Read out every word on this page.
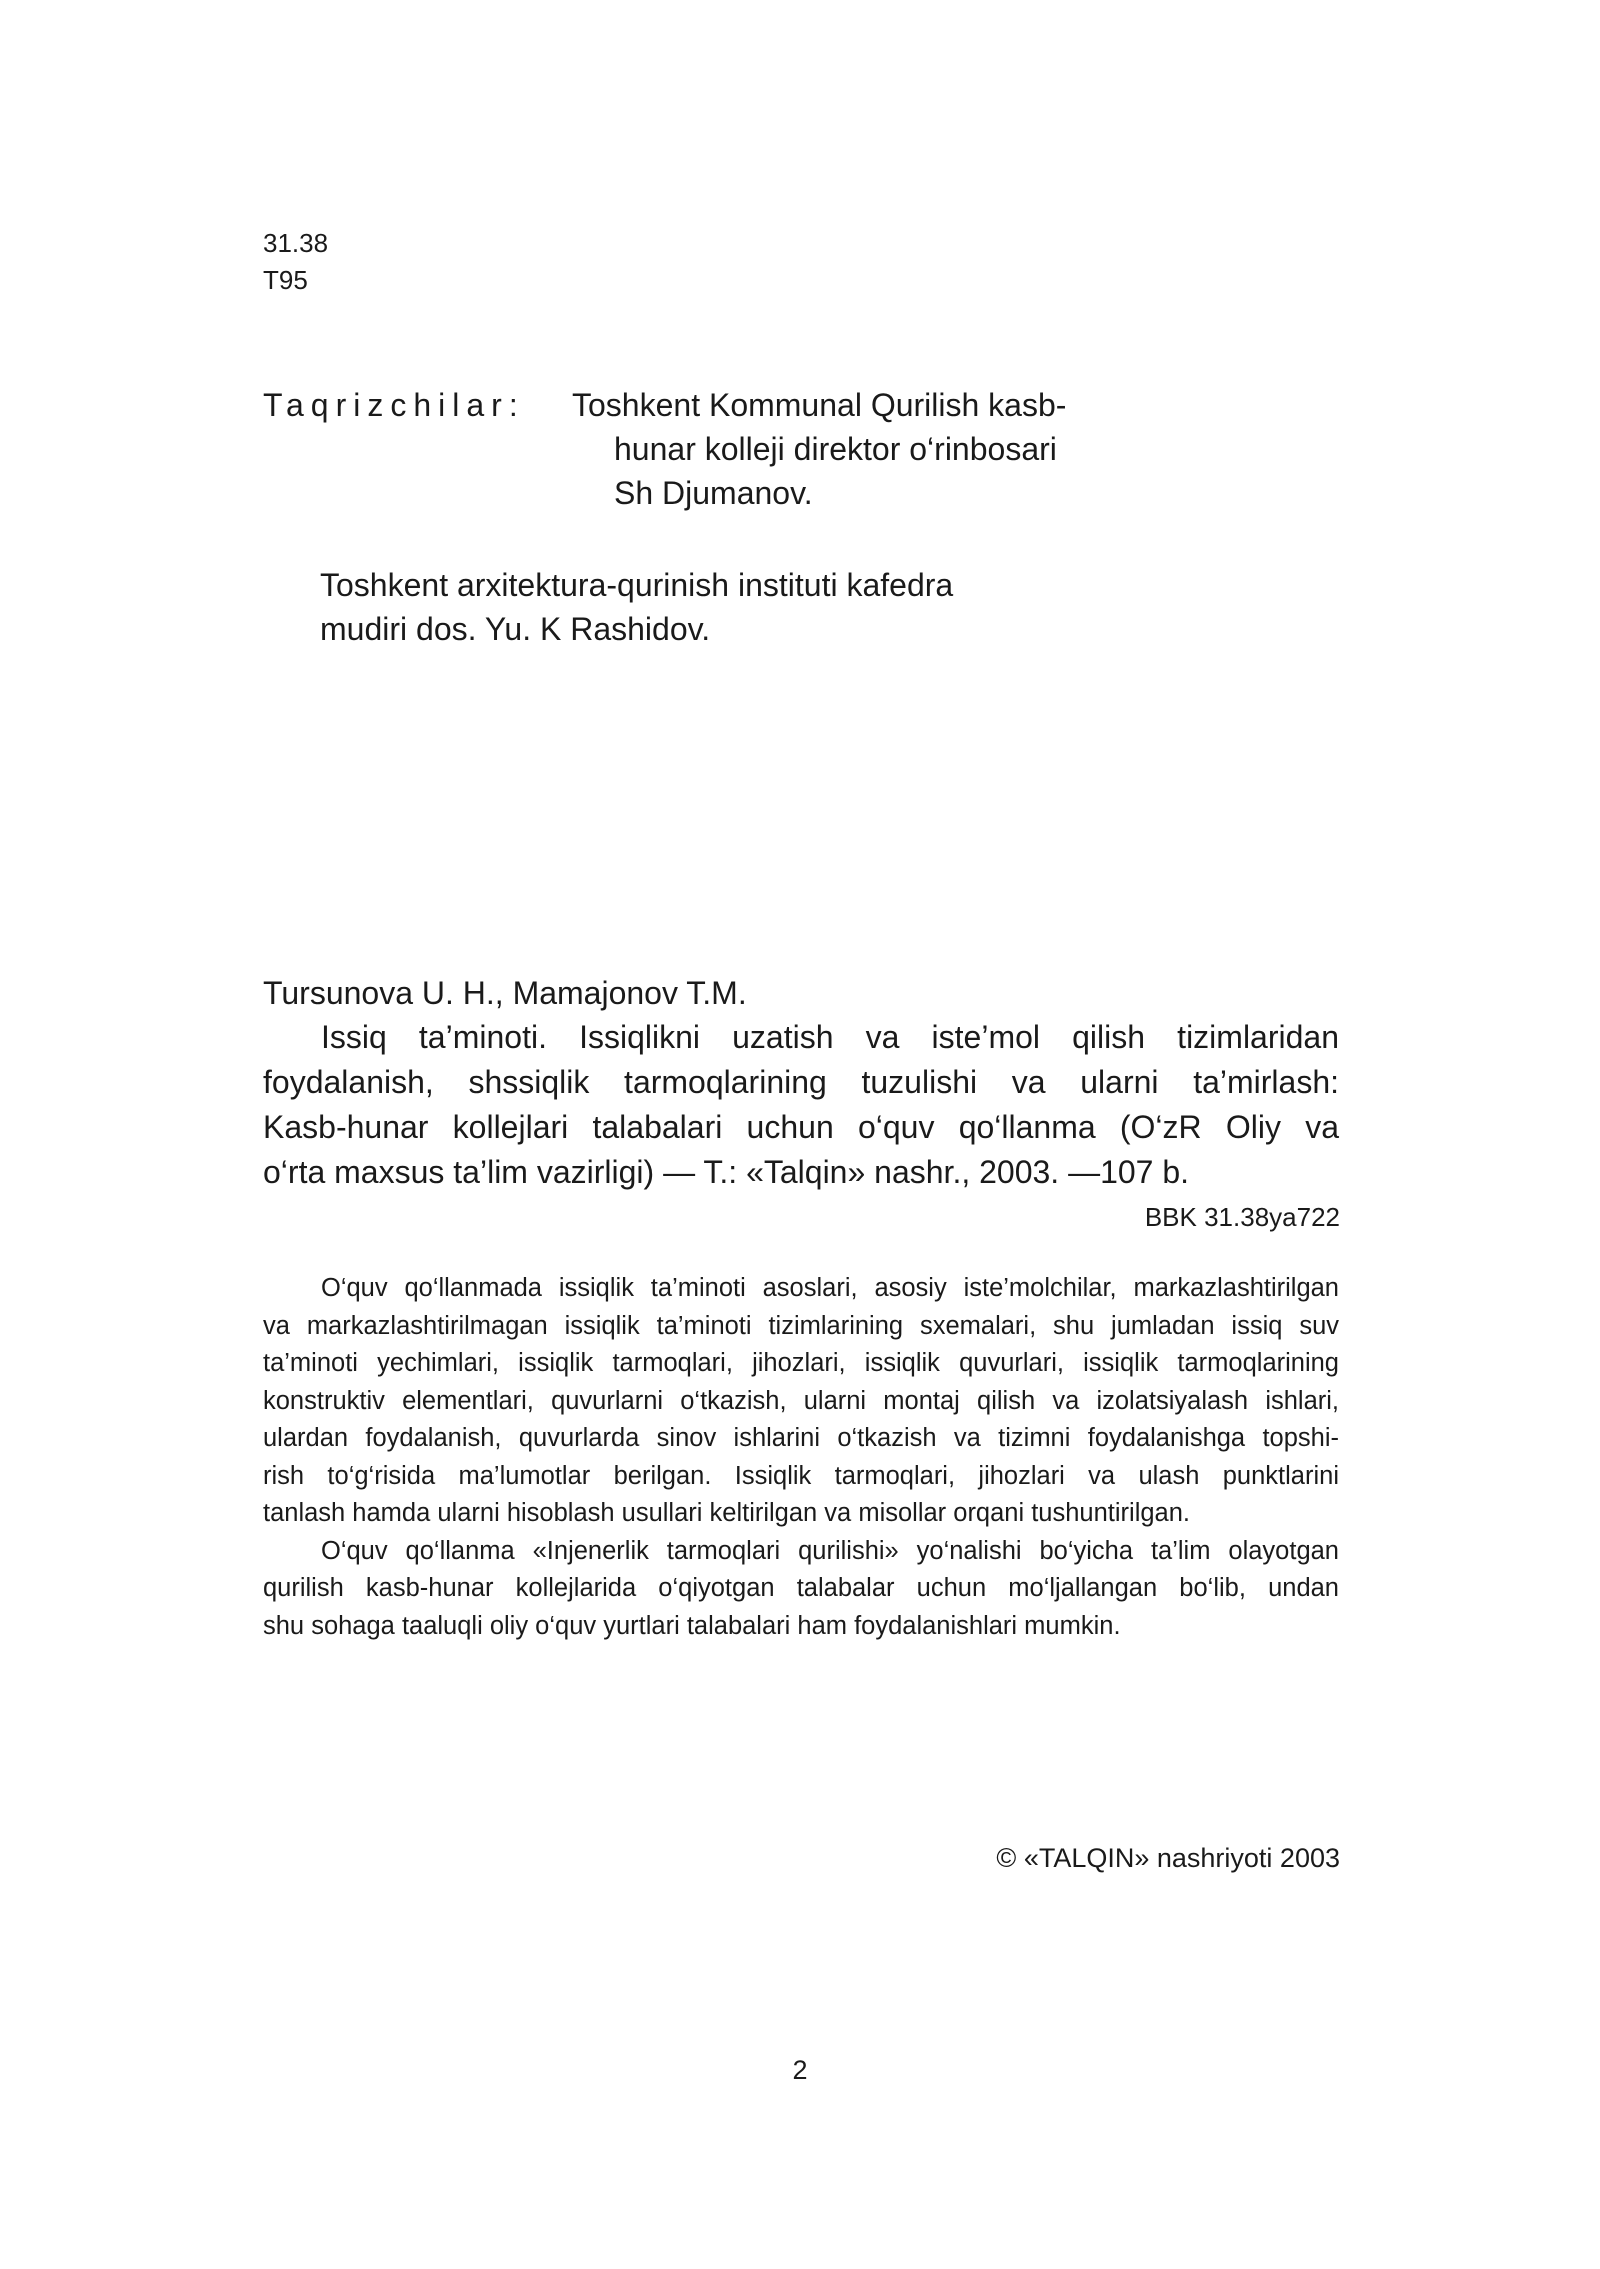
31.38
T95
Taqrizchilar: Toshkent Kommunal Qurilish kasb-
hunar kolleji direktor o‘rinbosari
Sh Djumanov.
Toshkent arxitektura-qurinish instituti kafedra
mudiri dos. Yu. K Rashidov.
Tursunova U. H., Mamajonov T.M.
Issiq ta’minoti. Issiqlikni uzatish va iste’mol qilish tizimlaridan
foydalanish, shssiqlik tarmoqlarining tuzulishi va ularni ta’mirlash:
Kasb-hunar kollejlari talabalari uchun o‘quv qo‘llanma (O‘zR Oliy va
o‘rta maxsus ta’lim vazirligi) — T.: «Talqin» nashr., 2003. —107 b.
BBK 31.38ya722
O‘quv qo‘llanmada issiqlik ta’minoti asoslari, asosiy iste’molchilar, markazlashtirilgan
va markazlashtirilmagan issiqlik ta’minoti tizimlarining sxemalari, shu jumladan issiq suv
ta’minoti yechimlari, issiqlik tarmoqlari, jihozlari, issiqlik quvurlari, issiqlik tarmoqlarining
konstruktiv elementlari, quvurlarni o‘tkazish, ularni montaj qilish va izolatsiyalash ishlari,
ulardan foydalanish, quvurlarda sinov ishlarini o‘tkazish va tizimni foydalanishga topshi-
rish to‘g‘risida ma’lumotlar berilgan. Issiqlik tarmoqlari, jihozlari va ulash punktlarini
tanlash hamda ularni hisoblash usullari keltirilgan va misollar orqani tushuntirilgan.
O‘quv qo‘llanma «Injenerlik tarmoqlari qurilishi» yo‘nalishi bo‘yicha ta’lim olayotgan
qurilish kasb-hunar kollejlarida o‘qiyotgan talabalar uchun mo‘ljallangan bo‘lib, undan
shu sohaga taaluqli oliy o‘quv yurtlari talabalari ham foydalanishlari mumkin.
© «TALQIN» nashriyoti 2003
2
